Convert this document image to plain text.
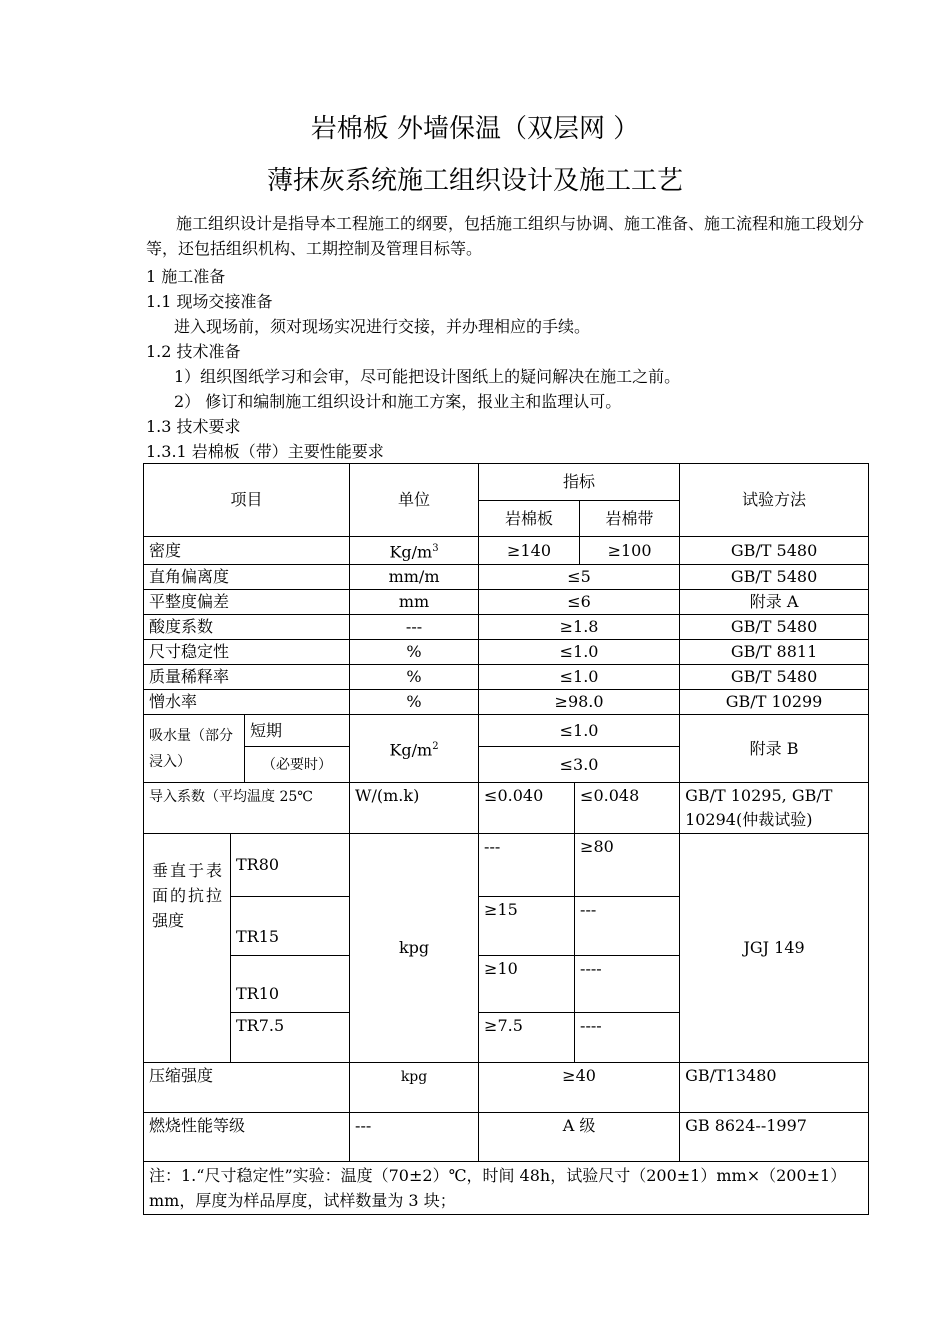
岩棉板 外墙保温（双层网 ）
薄抹灰系统施工组织设计及施工工艺
施工组织设计是指导本工程施工的纲要，包括施工组织与协调、施工准备、施工流程和施工段划分等，还包括组织机构、工期控制及管理目标等。
1 施工准备
1.1 现场交接准备
进入现场前，须对现场实况进行交接，并办理相应的手续。
1.2 技术准备
1）组织图纸学习和会审，尽可能把设计图纸上的疑问解决在施工之前。
2） 修订和编制施工组织设计和施工方案，报业主和监理认可。
1.3 技术要求
1.3.1 岩棉板（带）主要性能要求
项目			单位	指标			试验方法
				岩棉板		岩棉带	
密度			$Kg/m^3$	≥140		≥100	GB/T 5480
直角偏离度			mm/m	≤5			GB/T 5480
平整度偏差			mm	≤6			附录 A
酸度系数			---	≥1.8			GB/T 5480
尺寸稳定性			%	≤1.0			GB/T 8811
质量稀释率			%	≤1.0			GB/T 5480
憎水率			%	≥98.0			GB/T 10299
吸水量（部分浸入）		短期	$Kg/m^2$	≤1.0			附录 B
		（必要时）		≤3.0			
导入系数（平均温度 25℃			W/(m.k)	≤0.040	≤0.048		GB/T 10295, GB/T 10294(仲裁试验)
垂直于表面的抗拉强度	TR80		kpg	---	≥80		JGJ 149
	TR15			≥15	---		
	TR10			≥10	----		
	TR7.5			≥7.5	----		
压缩强度			kpg	≥40			GB/T13480
燃烧性能等级			---	A 级			GB 8624--1997
注：1.“尺寸稳定性”实验：温度（70±2）℃，时间 48h，试验尺寸（200±1）mm×（200±1）mm，厚度为样品厚度，试样数量为 3 块；							
